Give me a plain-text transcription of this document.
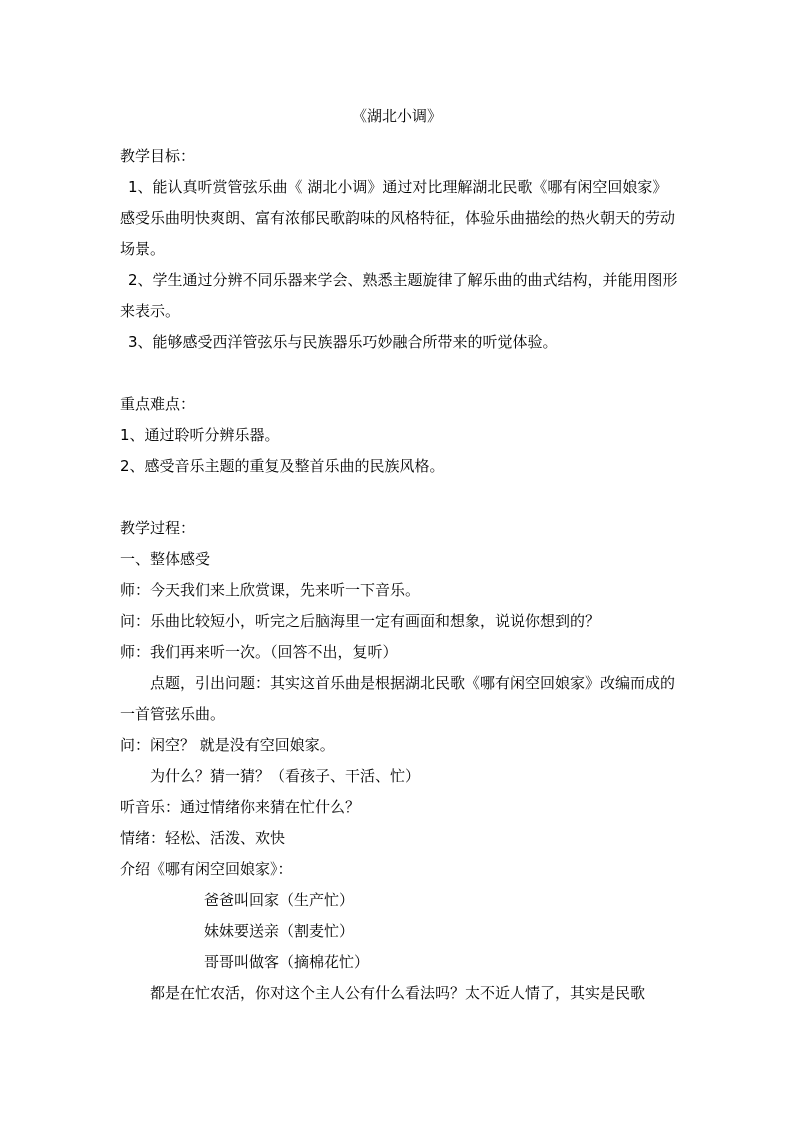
《湖北小调》

教学目标：

1、能认真听赏管弦乐曲《 湖北小调》通过对比理解湖北民歌《哪有闲空回娘家》感受乐曲明快爽朗、富有浓郁民歌韵味的风格特征，体验乐曲描绘的热火朝天的劳动场景。

2、学生通过分辨不同乐器来学会、熟悉主题旋律了解乐曲的曲式结构，并能用图形来表示。

3、能够感受西洋管弦乐与民族器乐巧妙融合所带来的听觉体验。

重点难点：

1、通过聆听分辨乐器。

2、感受音乐主题的重复及整首乐曲的民族风格。

教学过程：

一、整体感受

师：今天我们来上欣赏课，先来听一下音乐。

问：乐曲比较短小，听完之后脑海里一定有画面和想象，说说你想到的？

师：我们再来听一次。（回答不出，复听）

点题，引出问题：其实这首乐曲是根据湖北民歌《哪有闲空回娘家》改编而成的一首管弦乐曲。

问：闲空？ 就是没有空回娘家。

为什么？猜一猜？（看孩子、干活、忙）

听音乐：通过情绪你来猜在忙什么？

情绪：轻松、活泼、欢快

介绍《哪有闲空回娘家》：

爸爸叫回家（生产忙）

妹妹要送亲（割麦忙）

哥哥叫做客（摘棉花忙）

都是在忙农活，你对这个主人公有什么看法吗？太不近人情了，其实是民歌
